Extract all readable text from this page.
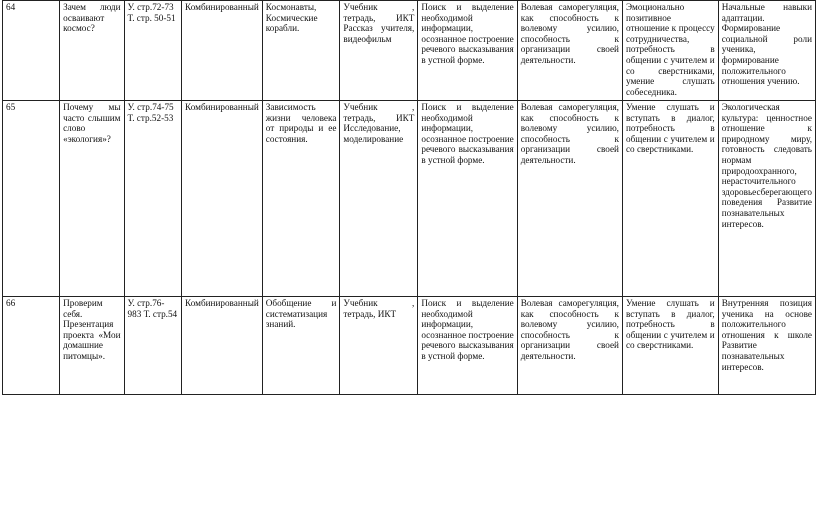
64	Зачем люди осваивают космос?	У. стр.72-73 Т. стр. 50-51	Комбинированный	Космонавты, Космические корабли.	Учебник , тетрадь, ИКТ Рассказ учителя, видеофильм	Поиск и выделение необходимой информации, осознанное построение речевого высказывания в устной форме.	Волевая саморегуляция, как способность к волевому усилию, способность к организации своей деятельности.	Эмоционально позитивное отношение к процессу сотрудничества, потребность в общении с учителем и со сверстниками, умение слушать собеседника.	Начальные навыки адаптации. Формирование социальной роли ученика, формирование положительного отношения учению.
65	Почему мы часто слышим слово «экология»?	У. стр.74-75 Т. стр.52-53	Комбинированный	Зависимость жизни человека от природы и ее состояния.	Учебник , тетрадь, ИКТ Исследование, моделирование	Поиск и выделение необходимой информации, осознанное построение речевого высказывания в устной форме.	Волевая саморегуляция, как способность к волевому усилию, способность к организации своей деятельности.	Умение слушать и вступать в диалог, потребность в общении с учителем и со сверстниками.	Экологическая культура: ценностное отношение к природному миру, готовность следовать нормам природоохранного, нерасточительного здоровьесберегающего поведения Развитие познавательных интересов.
66	Проверим себя. Презентация проекта «Мои домашние питомцы».	У. стр.76-983 Т. стр.54	Комбинированный	Обобщение и систематизация знаний.	Учебник , тетрадь, ИКТ	Поиск и выделение необходимой информации, осознанное построение речевого высказывания в устной форме.	Волевая саморегуляция, как способность к волевому усилию, способность к организации своей деятельности.	Умение слушать и вступать в диалог, потребность в общении с учителем и со сверстниками.	Внутренняя позиция ученика на основе положительного отношения к школе Развитие познавательных интересов.
